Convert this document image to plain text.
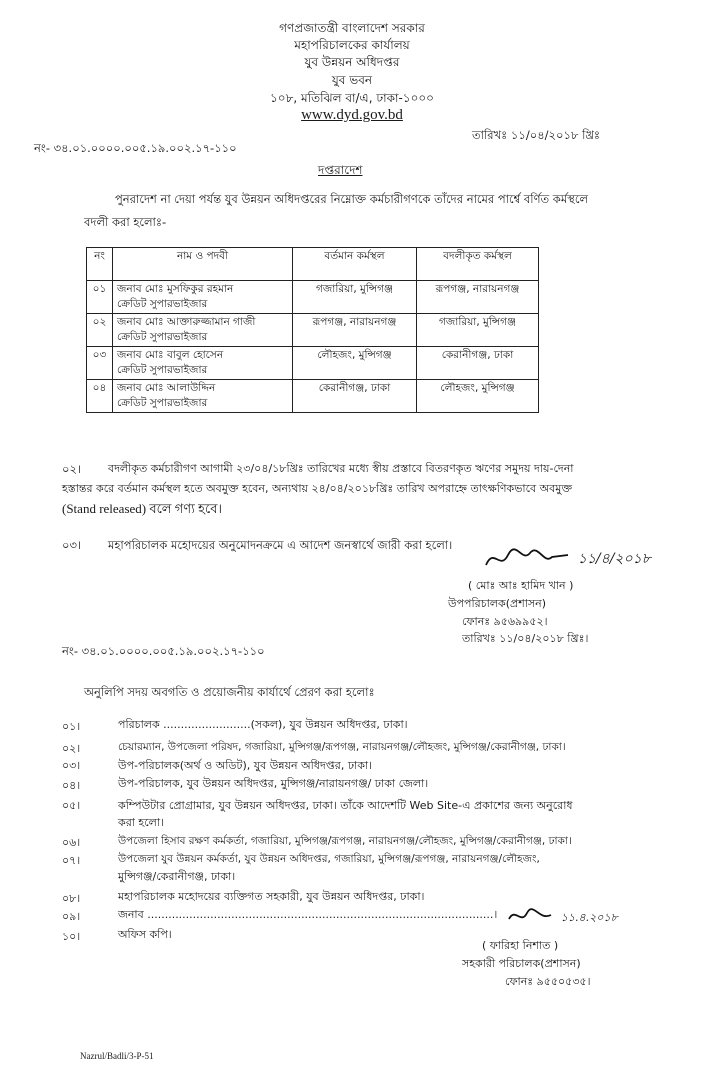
গণপ্রজাতন্ত্রী বাংলাদেশ সরকার
মহাপরিচালকের কার্যালয়
যুব উন্নয়ন অধিদপ্তর
যুব ভবন
১০৮, মতিঝিল বা/এ, ঢাকা-১০০০
www.dyd.gov.bd
নং- ৩৪.০১.০০০০.০০৫.১৯.০০২.১৭-১১০
তারিখঃ ১১/০৪/২০১৮ খ্রিঃ
দপ্তরাদেশ
পুনরাদেশ না দেয়া পর্যন্ত যুব উন্নয়ন অধিদপ্তরের নিম্নোক্ত কর্মচারীগণকে তাঁদের নামের পার্শ্বে বর্ণিত কর্মস্থলে
বদলী করা হলোঃ-
নং	নাম ও পদবী	বর্তমান কর্মস্থল	বদলীকৃত কর্মস্থল
০১	জনাব মোঃ মুসফিকুর রহমান
ক্রেডিট সুপারভাইজার	গজারিয়া, মুন্সিগঞ্জ	রূপগঞ্জ, নারায়নগঞ্জ
০২	জনাব মোঃ আক্তারুজ্জামান গাজী
ক্রেডিট সুপারভাইজার	রূপগঞ্জ, নারায়নগঞ্জ	গজারিয়া, মুন্সিগঞ্জ
০৩	জনাব মোঃ বাবুল হোসেন
ক্রেডিট সুপারভাইজার	লৌহজং, মুন্সিগঞ্জ	কেরানীগঞ্জ, ঢাকা
০৪	জনাব মোঃ আলাউদ্দিন
ক্রেডিট সুপারভাইজার	কেরানীগঞ্জ, ঢাকা	লৌহজং, মুন্সিগঞ্জ
০২। বদলীকৃত কর্মচারীগণ আগামী ২৩/০৪/১৮খ্রিঃ তারিখের মধ্যে স্বীয় প্রস্তাবে বিতরণকৃত ঋণের সমুদয় দায়-দেনা
হস্তান্তর করে বর্তমান কর্মস্থল হতে অবমুক্ত হবেন, অন্যথায় ২৪/০৪/২০১৮খ্রিঃ তারিখ অপরাহ্নে তাৎক্ষণিকভাবে অবমুক্ত
(Stand released) বলে গণ্য হবে।
০৩। মহাপরিচালক মহোদয়ের অনুমোদনক্রমে এ আদেশ জনস্বার্থে জারী করা হলো।
$^{১১/৪/২০১৮}$
( মোঃ আঃ হামিদ খান )
উপপরিচালক(প্রশাসন)
ফোনঃ ৯৫৬৯৯৫২।
তারিখঃ ১১/০৪/২০১৮ খ্রিঃ।
নং- ৩৪.০১.০০০০.০০৫.১৯.০০২.১৭-১১০
অনুলিপি সদয় অবগতি ও প্রয়োজনীয় কার্যার্থে প্রেরণ করা হলোঃ
০১।	পরিচালক .........................(সকল), যুব উন্নয়ন অধিদপ্তর, ঢাকা।
০২।	চেয়ারম্যান, উপজেলা পরিষদ, গজারিয়া, মুন্সিগঞ্জ/রূপগঞ্জ, নারায়নগঞ্জ/লৌহজং, মুন্সিগঞ্জ/কেরানীগঞ্জ, ঢাকা।
০৩।	উপ-পরিচালক(অর্থ ও অডিট), যুব উন্নয়ন অধিদপ্তর, ঢাকা।
০৪।	উপ-পরিচালক, যুব উন্নয়ন অধিদপ্তর, মুন্সিগঞ্জ/নারায়নগঞ্জ/ ঢাকা জেলা।
০৫।	কম্পিউটার প্রোগ্রামার, যুব উন্নয়ন অধিদপ্তর, ঢাকা। তাঁকে আদেশটি Web Site-এ প্রকাশের জন্য অনুরোধ
করা হলো।
০৬।	উপজেলা হিসাব রক্ষণ কর্মকর্তা, গজারিয়া, মুন্সিগঞ্জ/রূপগঞ্জ, নারায়নগঞ্জ/লৌহজং, মুন্সিগঞ্জ/কেরানীগঞ্জ, ঢাকা।
০৭।	উপজেলা যুব উন্নয়ন কর্মকর্তা, যুব উন্নয়ন অধিদপ্তর, গজারিয়া, মুন্সিগঞ্জ/রূপগঞ্জ, নারায়নগঞ্জ/লৌহজং,
মুন্সিগঞ্জ/কেরানীগঞ্জ, ঢাকা।
০৮।	মহাপরিচালক মহোদয়ের ব্যক্তিগত সহকারী, যুব উন্নয়ন অধিদপ্তর, ঢাকা।
০৯।	জনাব ...................................................................................................।
১০।	অফিস কপি।
$^{১১.৪.২০১৮}$
( ফারিহা নিশাত )
সহকারী পরিচালক(প্রশাসন)
ফোনঃ ৯৫৫০৫৩৫।
Nazrul/Badli/3-P-51
